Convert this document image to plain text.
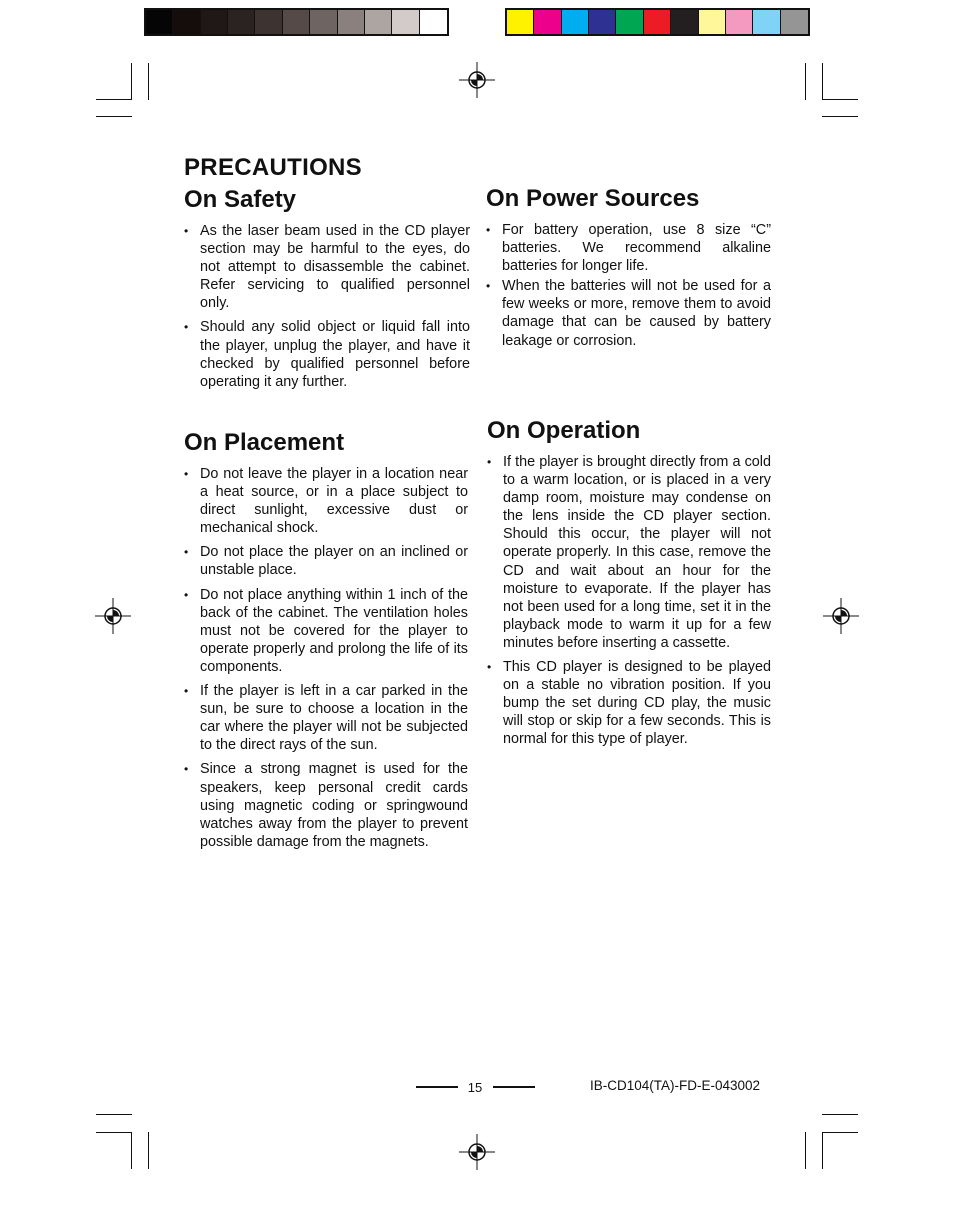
PRECAUTIONS
On Safety
• As the laser beam used in the CD player section may be harmful to the eyes, do not attempt to disassemble the cabinet. Refer servicing to qualified personnel only.
• Should any solid object or liquid fall into the player, unplug the player, and have it checked by qualified personnel before operating it any further.
On Placement
• Do not leave the player in a location near a heat source, or in a place subject to direct sunlight, excessive dust or mechanical shock.
• Do not place the player on an inclined or unstable place.
• Do not place anything within 1 inch of the back of the cabinet. The ventilation holes must not be covered for the player to operate properly and prolong the life of its components.
• If the player is left in a car parked in the sun, be sure to choose a location in the car where the player will not be subjected to the direct rays of the sun.
• Since a strong magnet is used for the speakers, keep personal credit cards using magnetic coding or springwound watches away from the player to prevent possible damage from the magnets.
On Power Sources
• For battery operation, use 8 size “C” batteries. We recommend alkaline batteries for longer life.
• When the batteries will not be used for a few weeks or more, remove them to avoid damage that can be caused by battery leakage or corrosion.
On Operation
• If the player is brought directly from a cold to a warm location, or is placed in a very damp room, moisture may condense on the lens inside the CD player section. Should this occur, the player will not operate properly. In this case, remove the CD and wait about an hour for the moisture to evaporate. If the player has not been used for a long time, set it in the playback mode to warm it up for a few minutes before inserting a cassette.
• This CD player is designed to be played on a stable no vibration position. If you bump the set during CD play, the music will stop or skip for a few seconds. This is normal for this type of player.
15	IB-CD104(TA)-FD-E-043002
